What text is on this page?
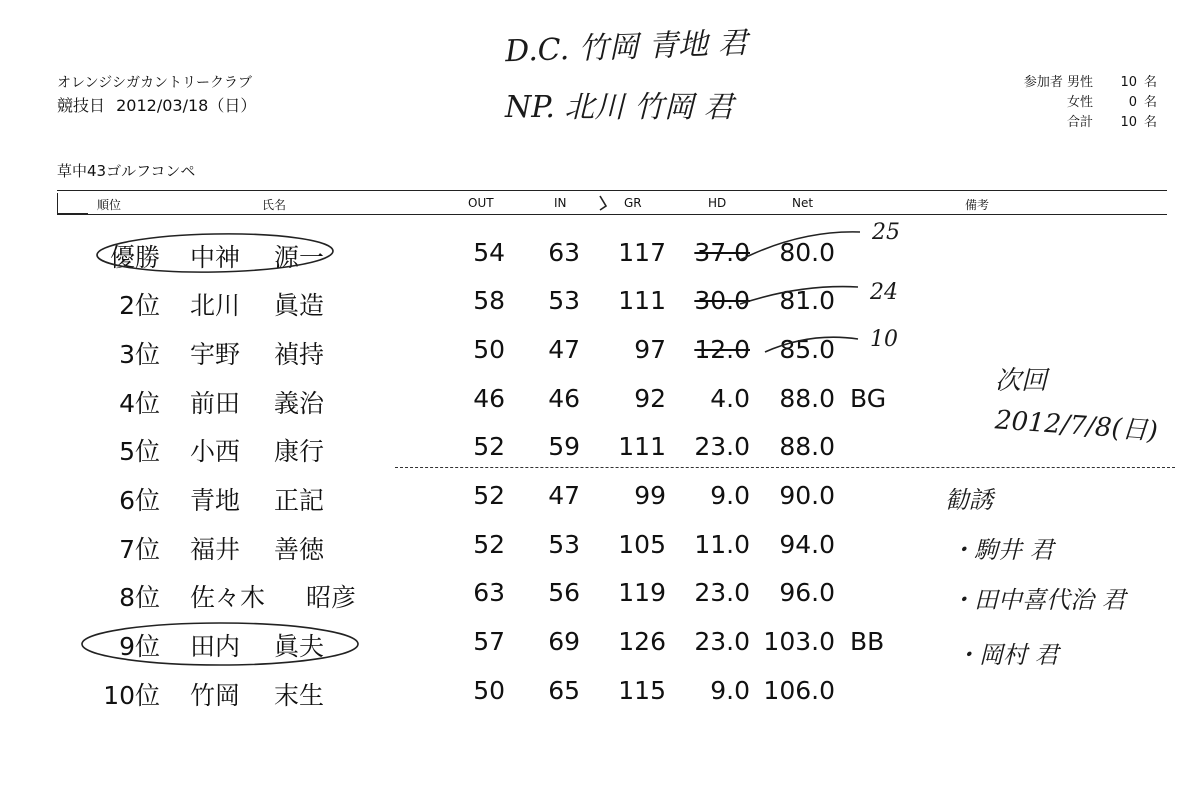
オレンジシガカントリークラブ
競技日 2012/03/18（日）
参加者 男性	10 名
女性	0 名
合計	10 名
草中43ゴルフコンペ
順位	氏名	OUT	IN	GR	HD	Net	備考
優勝 中神 源一	54	63	117	37.0	80.0
2位 北川 眞造	58	53	111	30.0	81.0
3位 宇野 禎持	50	47	97	12.0	85.0
4位 前田 義治	46	46	92	4.0	88.0 BG
5位 小西 康行	52	59	111	23.0	88.0
6位 青地 正記	52	47	99	9.0	90.0
7位 福井 善徳	52	53	105	11.0	94.0
8位 佐々木 昭彦	63	56	119	23.0	96.0
9位 田内 眞夫	57	69	126	23.0 103.0 BB
10位 竹岡 末生	50	65	115	9.0 106.0
D.C. 竹岡 青地 君
NP. 北川 竹岡 君
25
24
10
次回
2012/7/8(日)
勧誘
・駒井 君
・田中喜代治 君
・岡村 君
